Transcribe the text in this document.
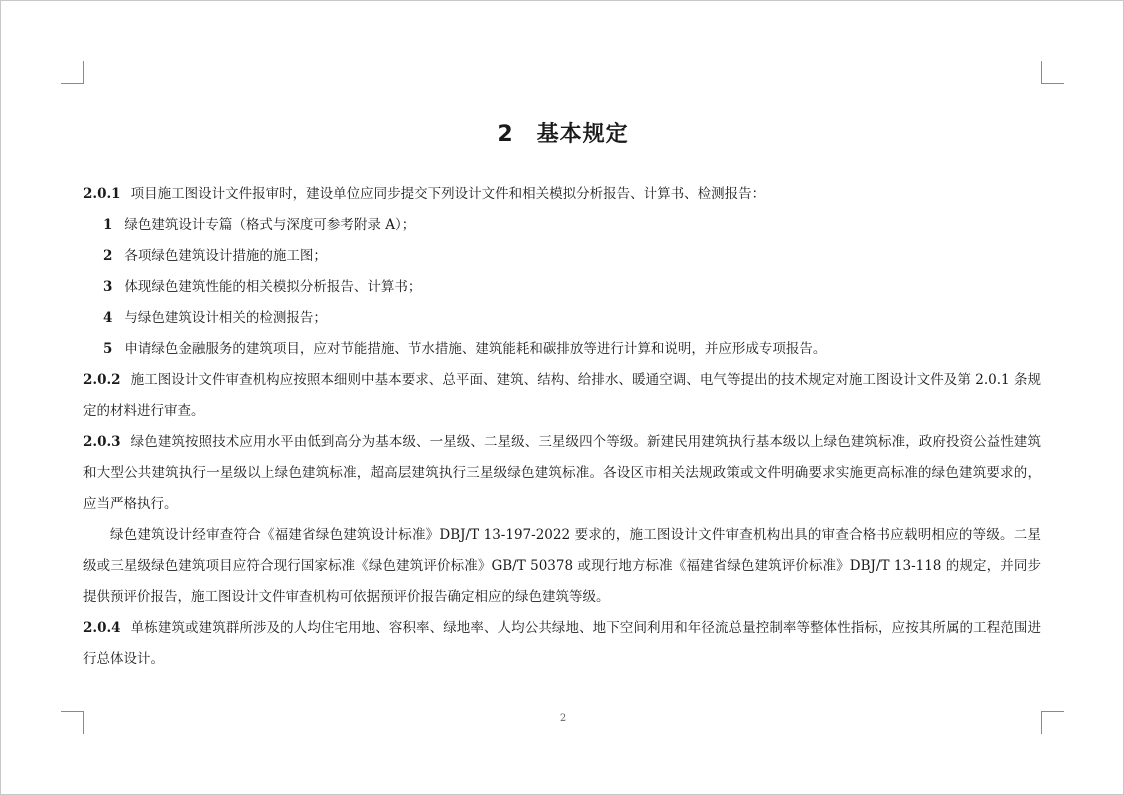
2　基本规定

2.0.1 项目施工图设计文件报审时，建设单位应同步提交下列设计文件和相关模拟分析报告、计算书、检测报告：

1 绿色建筑设计专篇（格式与深度可参考附录 A）；

2 各项绿色建筑设计措施的施工图；

3 体现绿色建筑性能的相关模拟分析报告、计算书；

4 与绿色建筑设计相关的检测报告；

5 申请绿色金融服务的建筑项目，应对节能措施、节水措施、建筑能耗和碳排放等进行计算和说明，并应形成专项报告。

2.0.2 施工图设计文件审查机构应按照本细则中基本要求、总平面、建筑、结构、给排水、暖通空调、电气等提出的技术规定对施工图设计文件及第 2.0.1 条规定的材料进行审查。

2.0.3 绿色建筑按照技术应用水平由低到高分为基本级、一星级、二星级、三星级四个等级。新建民用建筑执行基本级以上绿色建筑标准，政府投资公益性建筑和大型公共建筑执行一星级以上绿色建筑标准，超高层建筑执行三星级绿色建筑标准。各设区市相关法规政策或文件明确要求实施更高标准的绿色建筑要求的，应当严格执行。

绿色建筑设计经审查符合《福建省绿色建筑设计标准》DBJ/T 13-197-2022 要求的，施工图设计文件审查机构出具的审查合格书应载明相应的等级。二星级或三星级绿色建筑项目应符合现行国家标准《绿色建筑评价标准》GB/T 50378 或现行地方标准《福建省绿色建筑评价标准》DBJ/T 13-118 的规定，并同步提供预评价报告，施工图设计文件审查机构可依据预评价报告确定相应的绿色建筑等级。

2.0.4 单栋建筑或建筑群所涉及的人均住宅用地、容积率、绿地率、人均公共绿地、地下空间利用和年径流总量控制率等整体性指标，应按其所属的工程范围进行总体设计。

2
